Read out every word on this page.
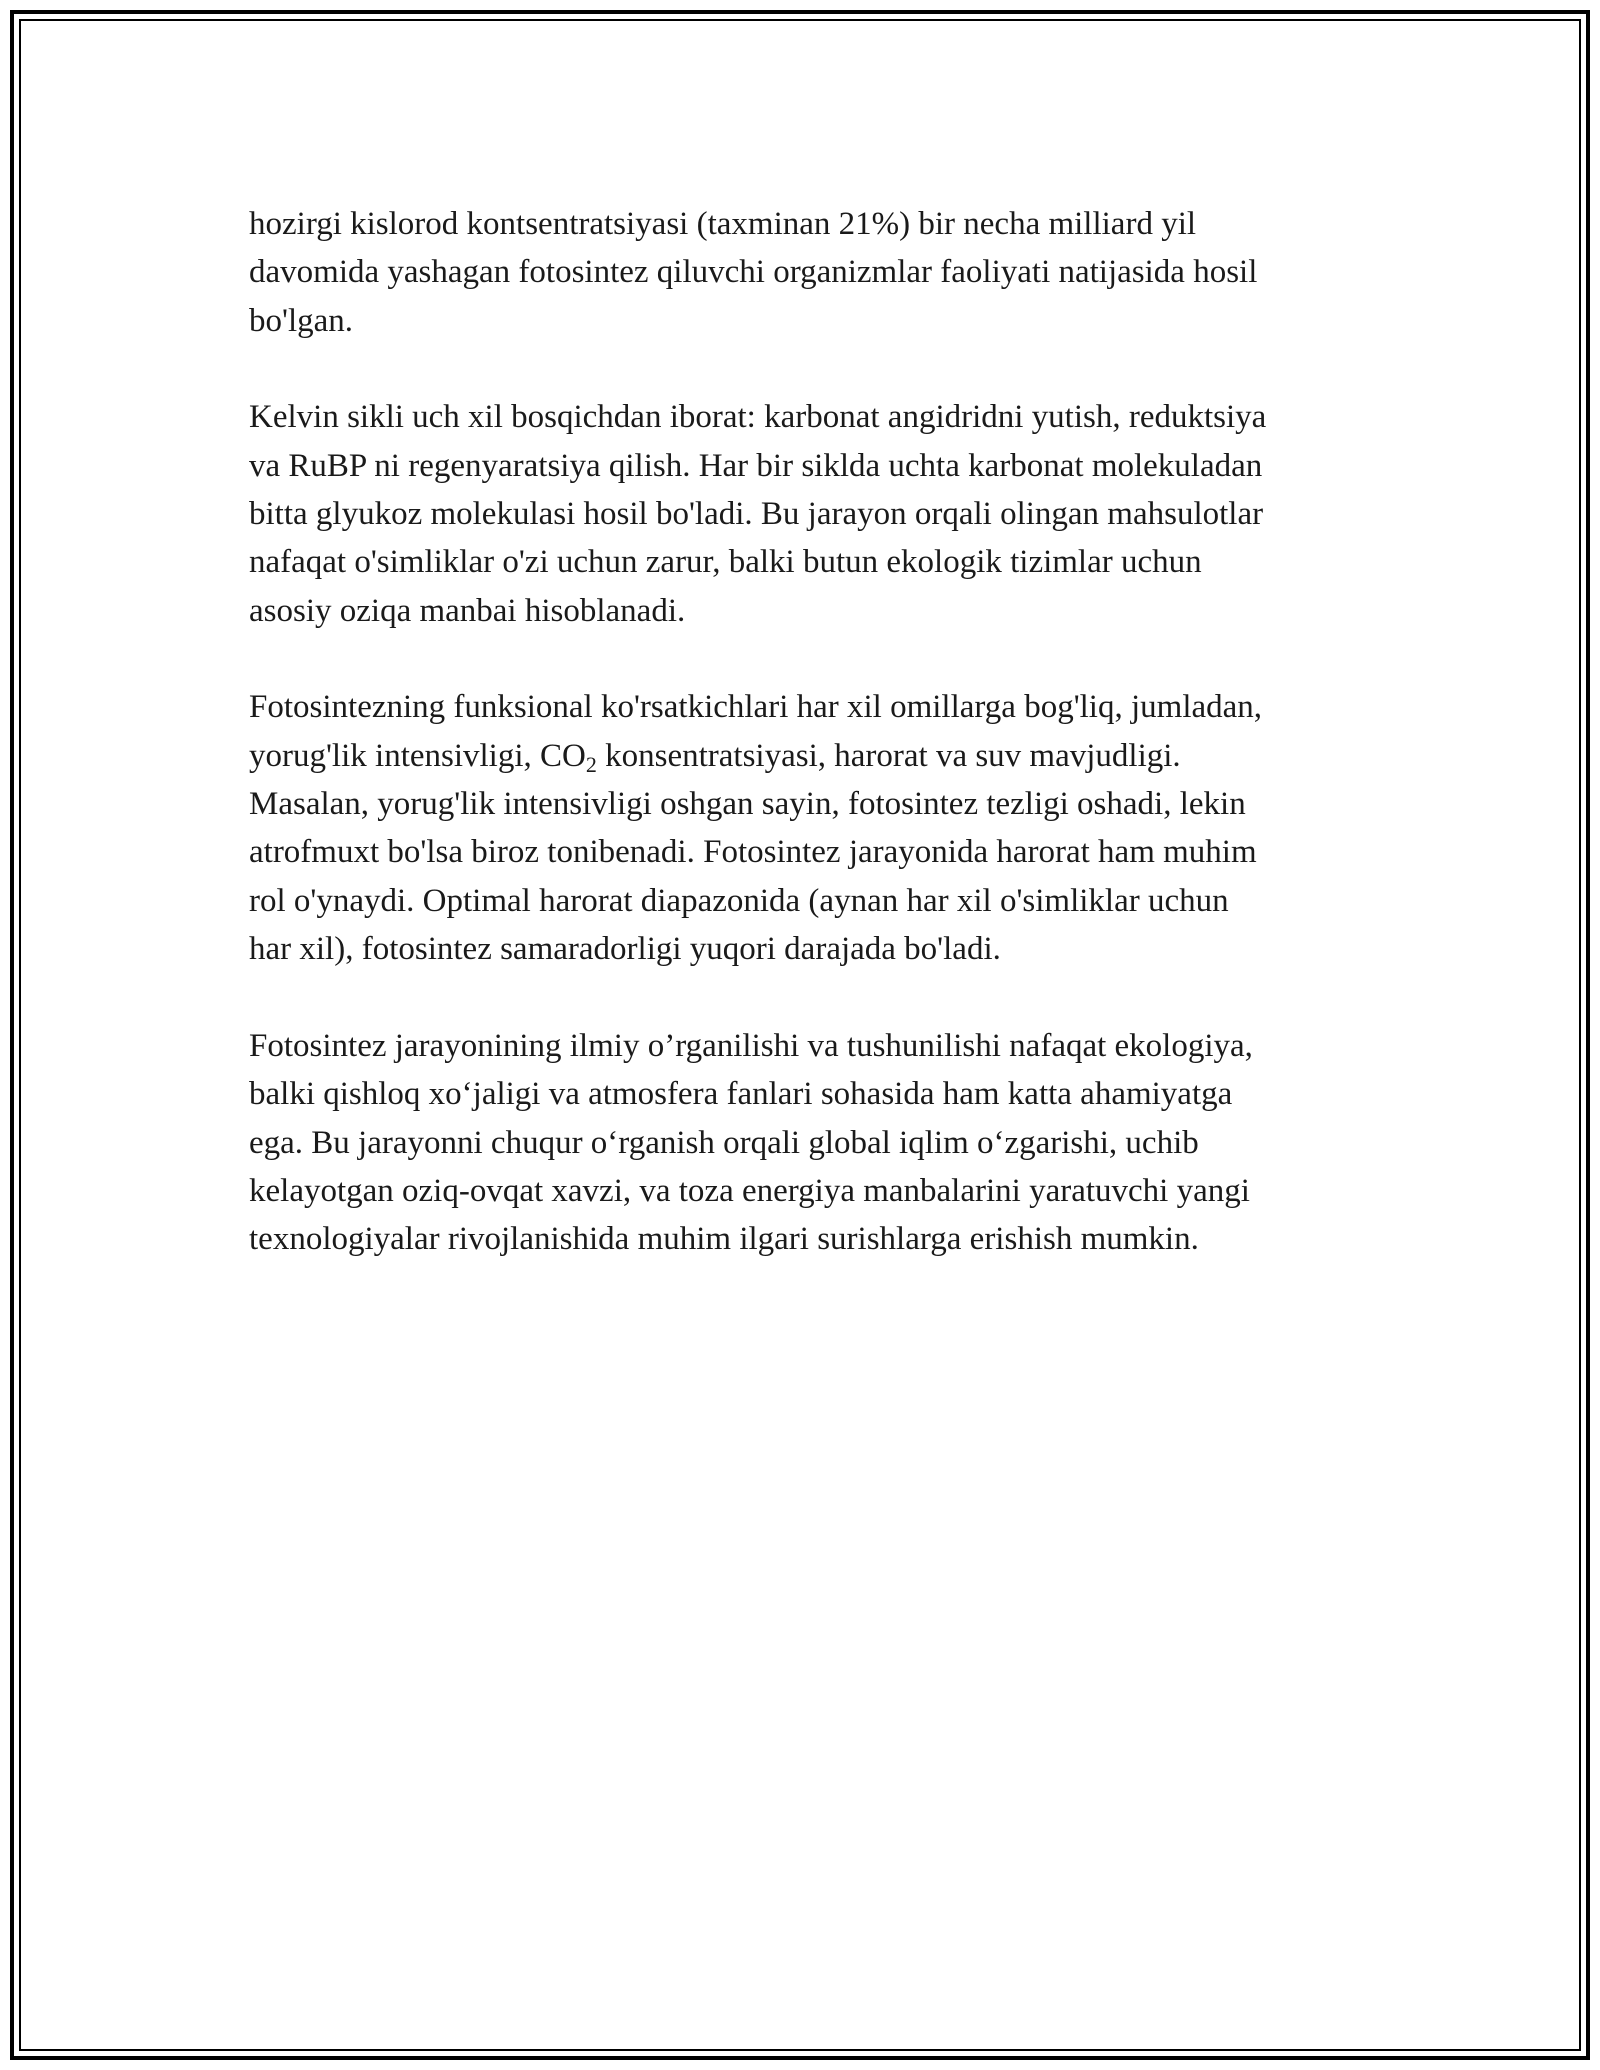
hozirgi kislorod kontsentratsiyasi (taxminan 21%) bir necha milliard yil
davomida yashagan fotosintez qiluvchi organizmlar faoliyati natijasida hosil
bo'lgan.

Kelvin sikli uch xil bosqichdan iborat: karbonat angidridni yutish, reduktsiya
va RuBP ni regenyaratsiya qilish. Har bir siklda uchta karbonat molekuladan
bitta glyukoz molekulasi hosil bo'ladi. Bu jarayon orqali olingan mahsulotlar
nafaqat o'simliklar o'zi uchun zarur, balki butun ekologik tizimlar uchun
asosiy oziqa manbai hisoblanadi.

Fotosintezning funksional ko'rsatkichlari har xil omillarga bog'liq, jumladan,
yorug'lik intensivligi, $CO_2$ konsentratsiyasi, harorat va suv mavjudligi.
Masalan, yorug'lik intensivligi oshgan sayin, fotosintez tezligi oshadi, lekin
atrofmuxt bo'lsa biroz tonibenadi. Fotosintez jarayonida harorat ham muhim
rol o'ynaydi. Optimal harorat diapazonida (aynan har xil o'simliklar uchun
har xil), fotosintez samaradorligi yuqori darajada bo'ladi.

Fotosintez jarayonining ilmiy o’rganilishi va tushunilishi nafaqat ekologiya,
balki qishloq xo‘jaligi va atmosfera fanlari sohasida ham katta ahamiyatga
ega. Bu jarayonni chuqur o‘rganish orqali global iqlim o‘zgarishi, uchib
kelayotgan oziq-ovqat xavzi, va toza energiya manbalarini yaratuvchi yangi
texnologiyalar rivojlanishida muhim ilgari surishlarga erishish mumkin.
